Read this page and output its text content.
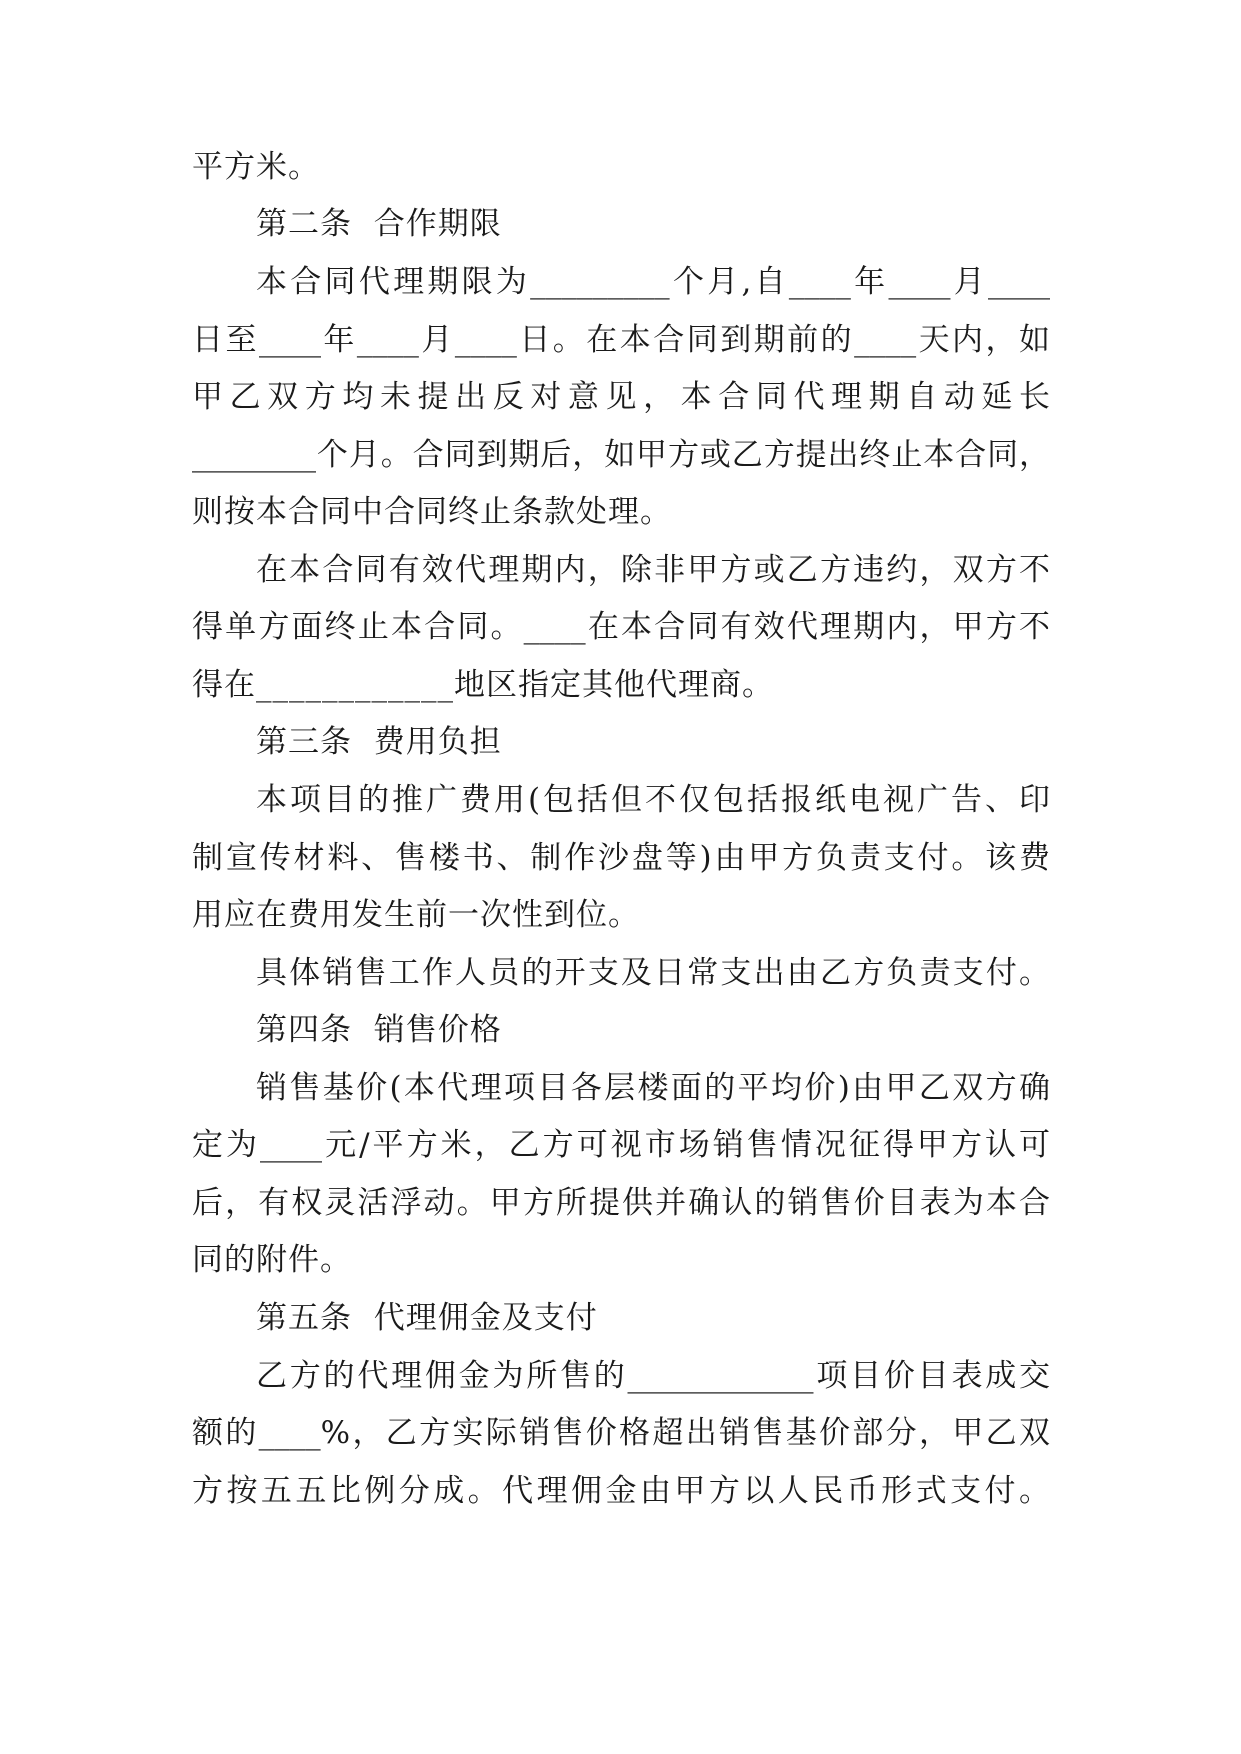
平方米。
第二条  合作期限
本合同代理期限为_________个月,自____年____月____
日至____年____月____日。在本合同到期前的____天内，如
甲乙双方均未提出反对意见，本合同代理期自动延长
________个月。合同到期后，如甲方或乙方提出终止本合同，
则按本合同中合同终止条款处理。
在本合同有效代理期内，除非甲方或乙方违约，双方不
得单方面终止本合同。____在本合同有效代理期内，甲方不
得在____________地区指定其他代理商。
第三条  费用负担
本项目的推广费用(包括但不仅包括报纸电视广告、印
制宣传材料、售楼书、制作沙盘等)由甲方负责支付。该费
用应在费用发生前一次性到位。
具体销售工作人员的开支及日常支出由乙方负责支付。
第四条  销售价格
销售基价(本代理项目各层楼面的平均价)由甲乙双方确
定为____元/平方米，乙方可视市场销售情况征得甲方认可
后，有权灵活浮动。甲方所提供并确认的销售价目表为本合
同的附件。
第五条  代理佣金及支付
乙方的代理佣金为所售的____________项目价目表成交
额的____%，乙方实际销售价格超出销售基价部分，甲乙双
方按五五比例分成。代理佣金由甲方以人民币形式支付。
